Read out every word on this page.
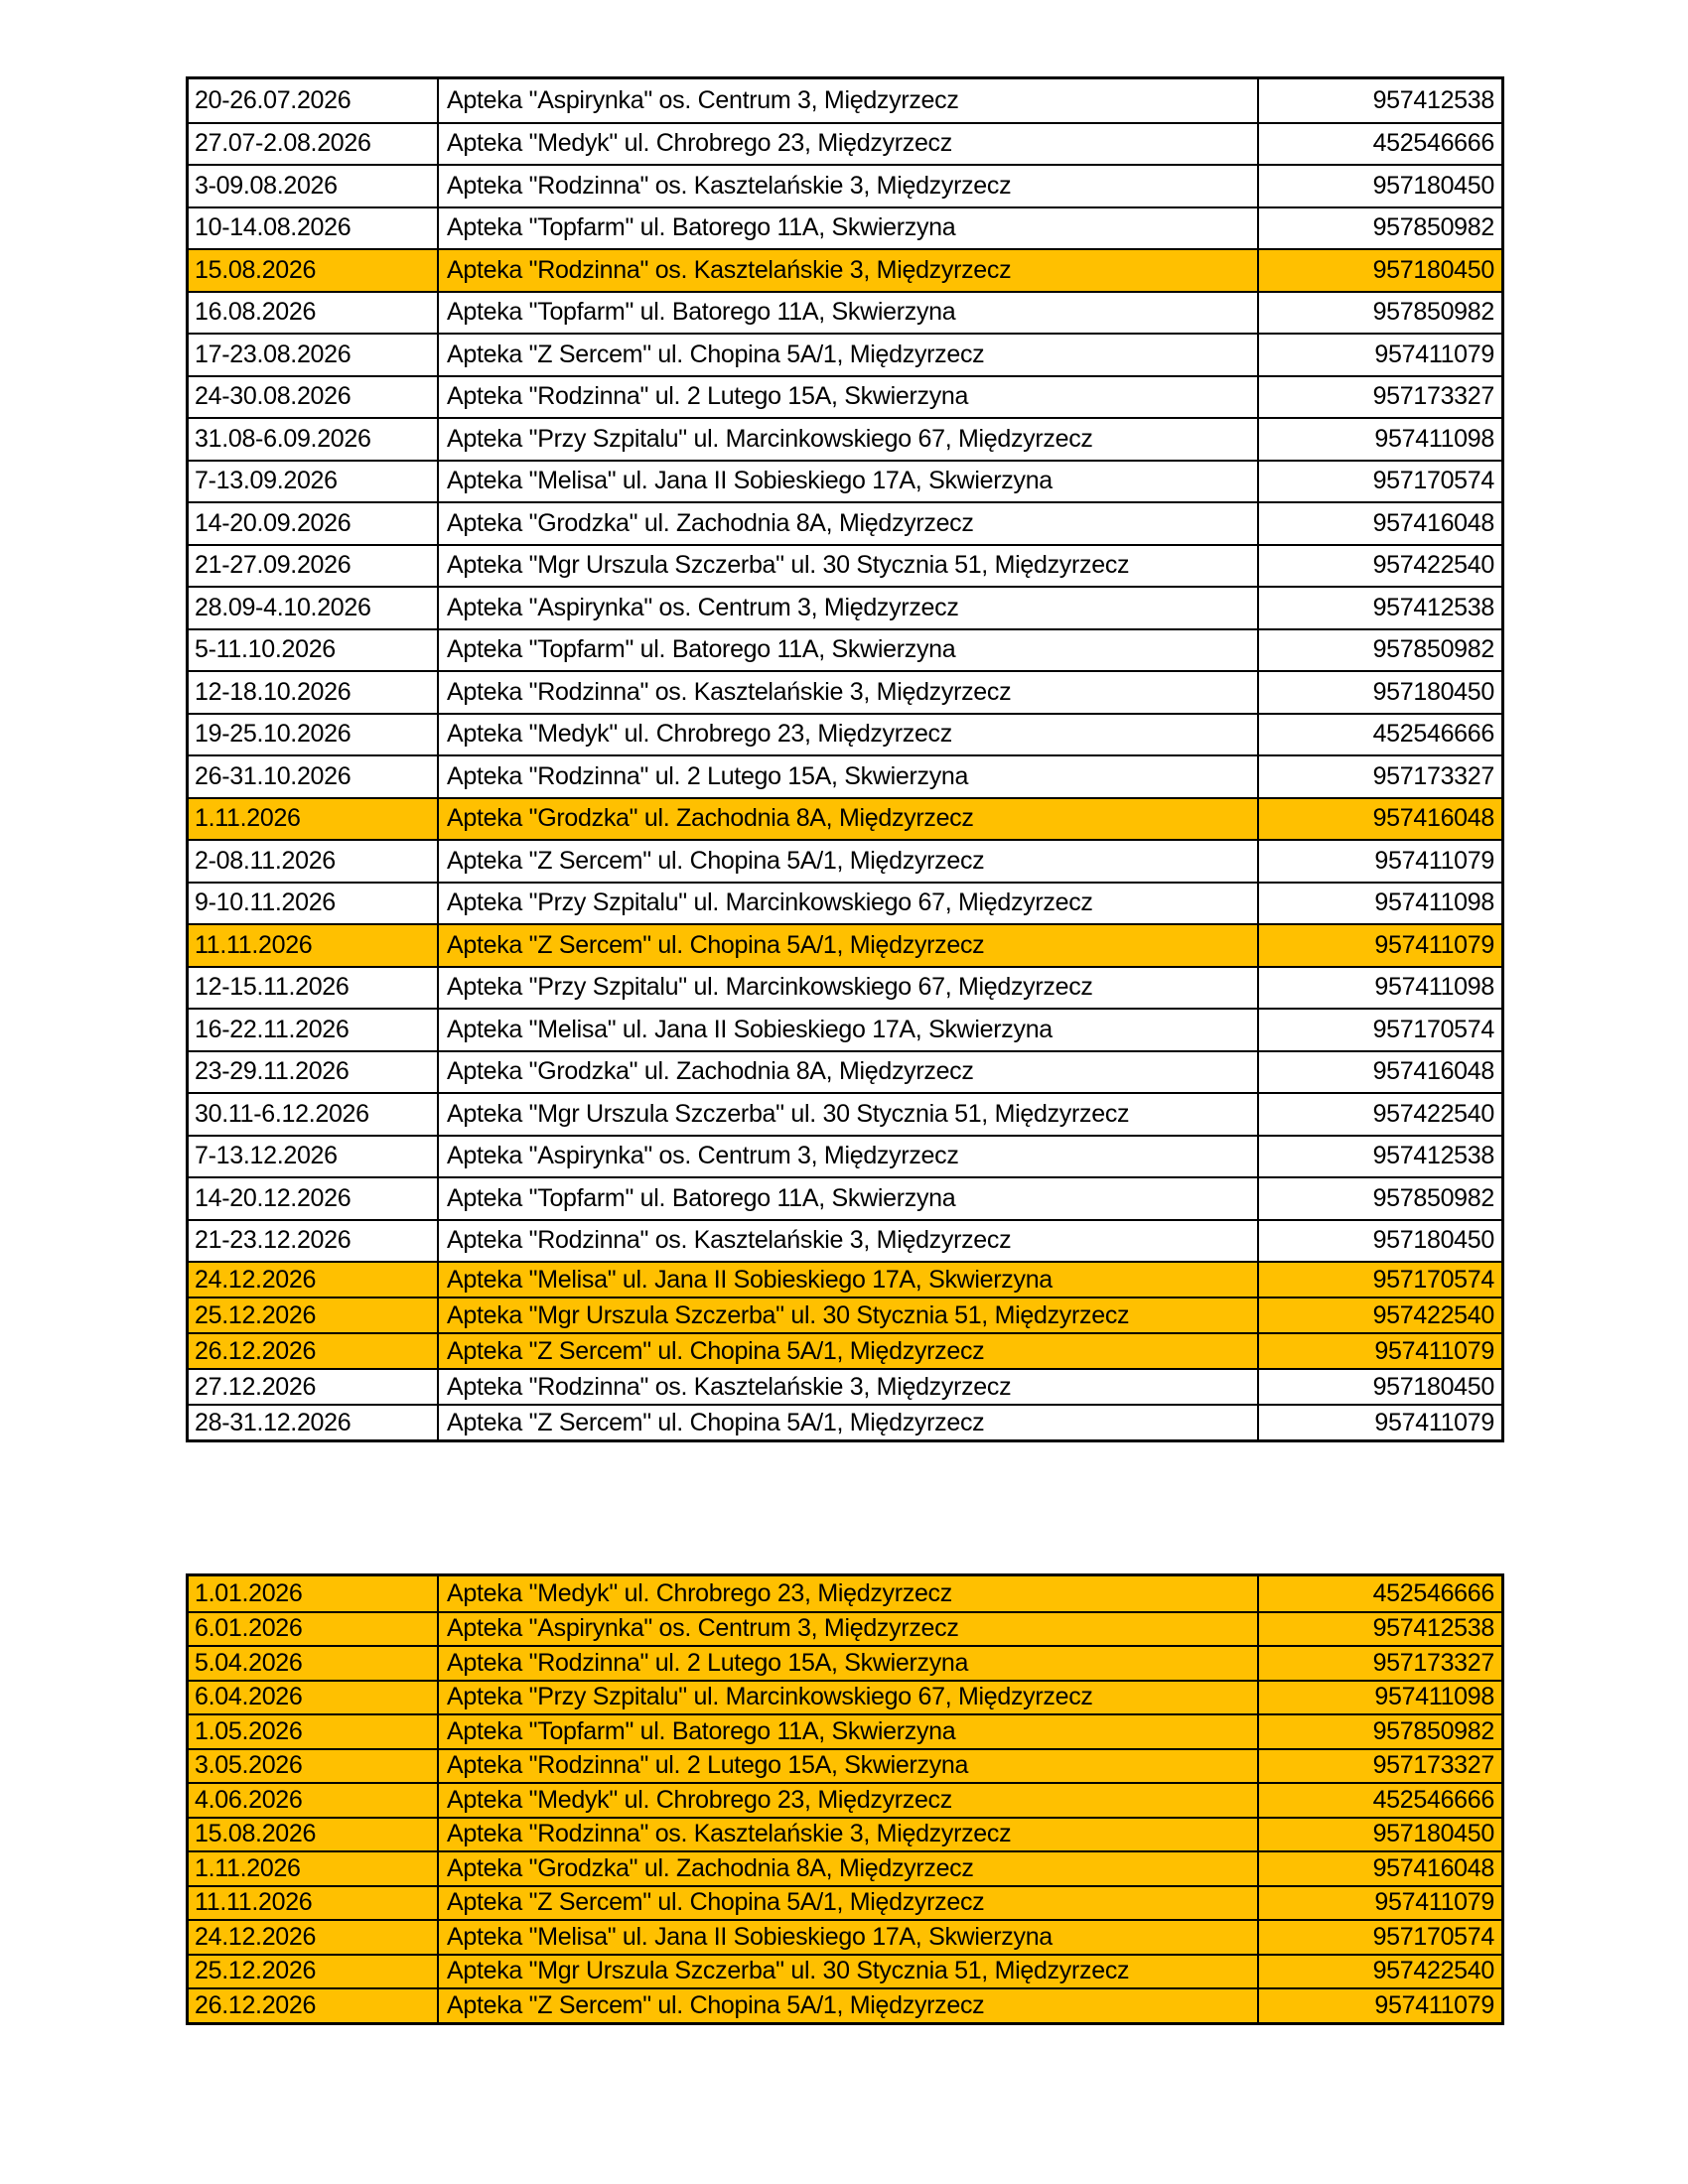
20-26.07.2026	Apteka "Aspirynka" os. Centrum 3, Międzyrzecz	957412538
27.07-2.08.2026	Apteka "Medyk" ul. Chrobrego 23, Międzyrzecz	452546666
3-09.08.2026	Apteka "Rodzinna" os. Kasztelańskie 3, Międzyrzecz	957180450
10-14.08.2026	Apteka "Topfarm" ul. Batorego 11A, Skwierzyna	957850982
15.08.2026	Apteka "Rodzinna" os. Kasztelańskie 3, Międzyrzecz	957180450
16.08.2026	Apteka "Topfarm" ul. Batorego 11A, Skwierzyna	957850982
17-23.08.2026	Apteka "Z Sercem" ul. Chopina 5A/1, Międzyrzecz	957411079
24-30.08.2026	Apteka "Rodzinna" ul. 2 Lutego 15A, Skwierzyna	957173327
31.08-6.09.2026	Apteka "Przy Szpitalu" ul. Marcinkowskiego 67, Międzyrzecz	957411098
7-13.09.2026	Apteka "Melisa" ul. Jana II Sobieskiego 17A, Skwierzyna	957170574
14-20.09.2026	Apteka "Grodzka" ul. Zachodnia 8A, Międzyrzecz	957416048
21-27.09.2026	Apteka "Mgr Urszula Szczerba" ul. 30 Stycznia 51, Międzyrzecz	957422540
28.09-4.10.2026	Apteka "Aspirynka" os. Centrum 3, Międzyrzecz	957412538
5-11.10.2026	Apteka "Topfarm" ul. Batorego 11A, Skwierzyna	957850982
12-18.10.2026	Apteka "Rodzinna" os. Kasztelańskie 3, Międzyrzecz	957180450
19-25.10.2026	Apteka "Medyk" ul. Chrobrego 23, Międzyrzecz	452546666
26-31.10.2026	Apteka "Rodzinna" ul. 2 Lutego 15A, Skwierzyna	957173327
1.11.2026	Apteka "Grodzka" ul. Zachodnia 8A, Międzyrzecz	957416048
2-08.11.2026	Apteka "Z Sercem" ul. Chopina 5A/1, Międzyrzecz	957411079
9-10.11.2026	Apteka "Przy Szpitalu" ul. Marcinkowskiego 67, Międzyrzecz	957411098
11.11.2026	Apteka "Z Sercem" ul. Chopina 5A/1, Międzyrzecz	957411079
12-15.11.2026	Apteka "Przy Szpitalu" ul. Marcinkowskiego 67, Międzyrzecz	957411098
16-22.11.2026	Apteka "Melisa" ul. Jana II Sobieskiego 17A, Skwierzyna	957170574
23-29.11.2026	Apteka "Grodzka" ul. Zachodnia 8A, Międzyrzecz	957416048
30.11-6.12.2026	Apteka "Mgr Urszula Szczerba" ul. 30 Stycznia 51, Międzyrzecz	957422540
7-13.12.2026	Apteka "Aspirynka" os. Centrum 3, Międzyrzecz	957412538
14-20.12.2026	Apteka "Topfarm" ul. Batorego 11A, Skwierzyna	957850982
21-23.12.2026	Apteka "Rodzinna" os. Kasztelańskie 3, Międzyrzecz	957180450
24.12.2026	Apteka "Melisa" ul. Jana II Sobieskiego 17A, Skwierzyna	957170574
25.12.2026	Apteka "Mgr Urszula Szczerba" ul. 30 Stycznia 51, Międzyrzecz	957422540
26.12.2026	Apteka "Z Sercem" ul. Chopina 5A/1, Międzyrzecz	957411079
27.12.2026	Apteka "Rodzinna" os. Kasztelańskie 3, Międzyrzecz	957180450
28-31.12.2026	Apteka "Z Sercem" ul. Chopina 5A/1, Międzyrzecz	957411079
1.01.2026	Apteka "Medyk" ul. Chrobrego 23, Międzyrzecz	452546666
6.01.2026	Apteka "Aspirynka" os. Centrum 3, Międzyrzecz	957412538
5.04.2026	Apteka "Rodzinna" ul. 2 Lutego 15A, Skwierzyna	957173327
6.04.2026	Apteka "Przy Szpitalu" ul. Marcinkowskiego 67, Międzyrzecz	957411098
1.05.2026	Apteka "Topfarm" ul. Batorego 11A, Skwierzyna	957850982
3.05.2026	Apteka "Rodzinna" ul. 2 Lutego 15A, Skwierzyna	957173327
4.06.2026	Apteka "Medyk" ul. Chrobrego 23, Międzyrzecz	452546666
15.08.2026	Apteka "Rodzinna" os. Kasztelańskie 3, Międzyrzecz	957180450
1.11.2026	Apteka "Grodzka" ul. Zachodnia 8A, Międzyrzecz	957416048
11.11.2026	Apteka "Z Sercem" ul. Chopina 5A/1, Międzyrzecz	957411079
24.12.2026	Apteka "Melisa" ul. Jana II Sobieskiego 17A, Skwierzyna	957170574
25.12.2026	Apteka "Mgr Urszula Szczerba" ul. 30 Stycznia 51, Międzyrzecz	957422540
26.12.2026	Apteka "Z Sercem" ul. Chopina 5A/1, Międzyrzecz	957411079
